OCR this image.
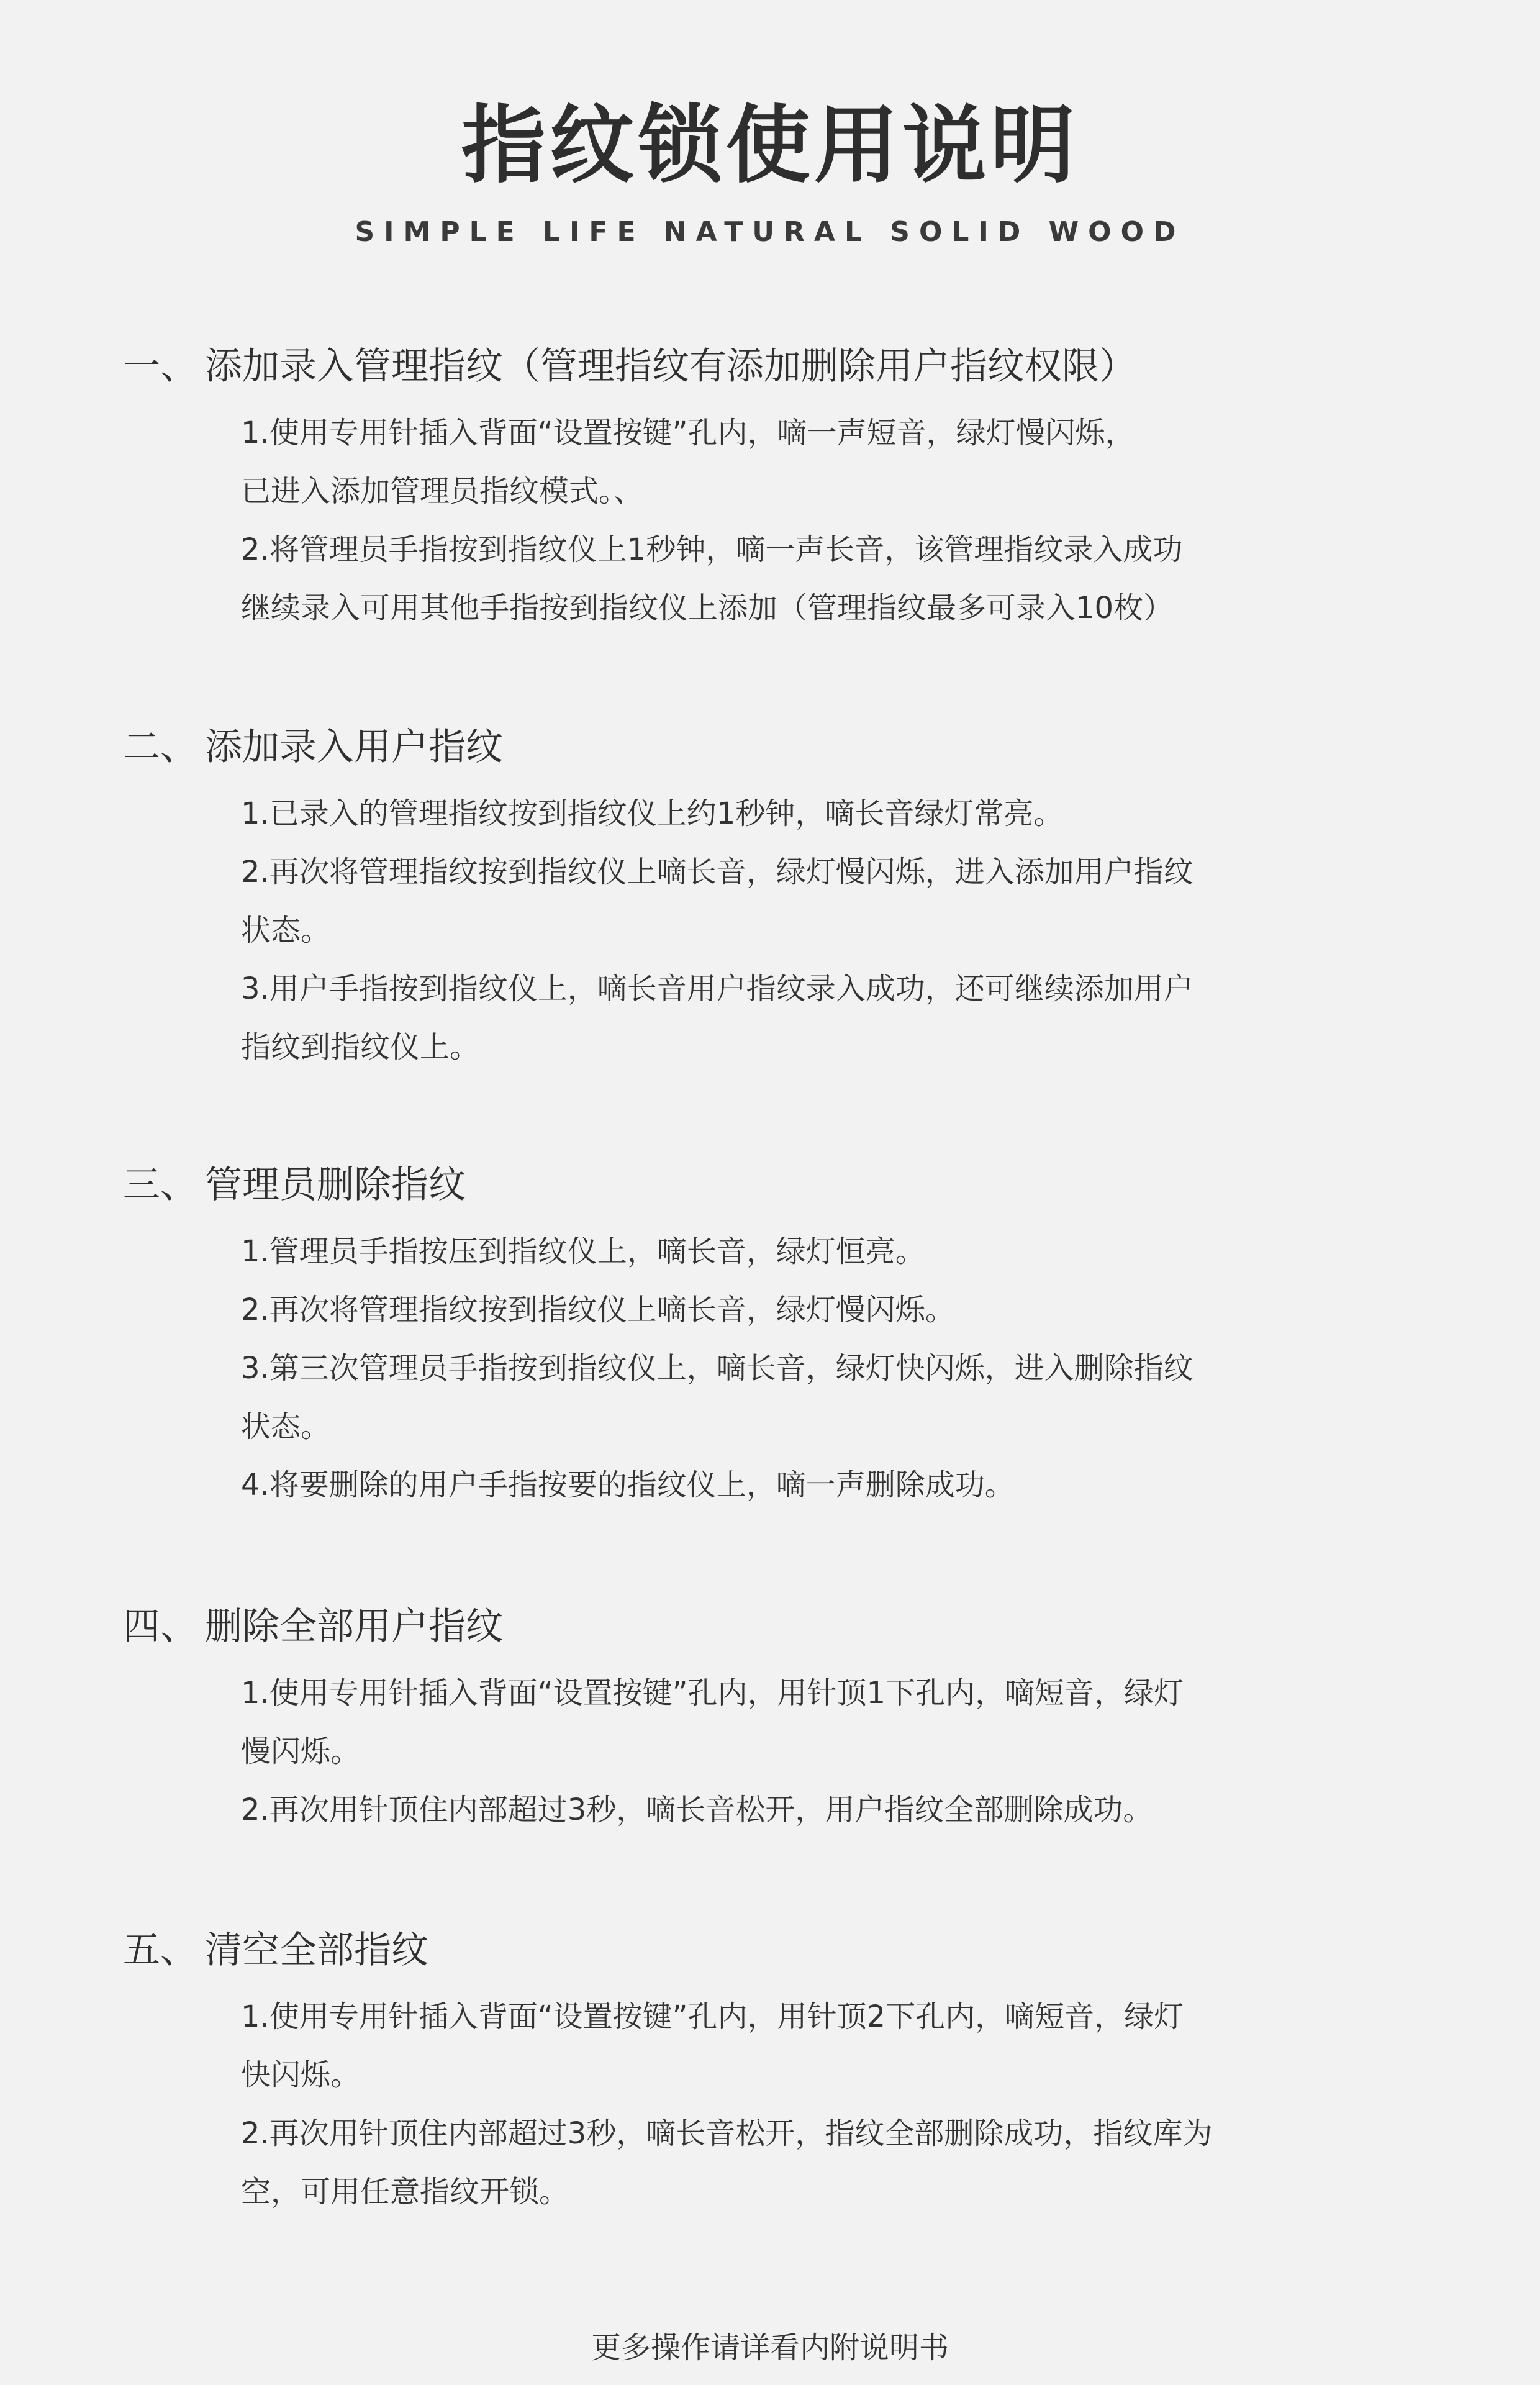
指纹锁使用说明
SIMPLE LIFE NATURAL SOLID WOOD
一、 添加录入管理指纹（管理指纹有添加删除用户指纹权限）
1.使用专用针插入背面“设置按键”孔内，嘀一声短音，绿灯慢闪烁，
已进入添加管理员指纹模式。、
2.将管理员手指按到指纹仪上1秒钟，嘀一声长音，该管理指纹录入成功
继续录入可用其他手指按到指纹仪上添加（管理指纹最多可录入10枚）
二、 添加录入用户指纹
1.已录入的管理指纹按到指纹仪上约1秒钟，嘀长音绿灯常亮。
2.再次将管理指纹按到指纹仪上嘀长音，绿灯慢闪烁，进入添加用户指纹
状态。
3.用户手指按到指纹仪上，嘀长音用户指纹录入成功，还可继续添加用户
指纹到指纹仪上。
三、 管理员删除指纹
1.管理员手指按压到指纹仪上，嘀长音，绿灯恒亮。
2.再次将管理指纹按到指纹仪上嘀长音，绿灯慢闪烁。
3.第三次管理员手指按到指纹仪上，嘀长音，绿灯快闪烁，进入删除指纹
状态。
4.将要删除的用户手指按要的指纹仪上，嘀一声删除成功。
四、 删除全部用户指纹
1.使用专用针插入背面“设置按键”孔内，用针顶1下孔内，嘀短音，绿灯
慢闪烁。
2.再次用针顶住内部超过3秒，嘀长音松开，用户指纹全部删除成功。
五、 清空全部指纹
1.使用专用针插入背面“设置按键”孔内，用针顶2下孔内，嘀短音，绿灯
快闪烁。
2.再次用针顶住内部超过3秒，嘀长音松开，指纹全部删除成功，指纹库为
空，可用任意指纹开锁。
更多操作请详看内附说明书
